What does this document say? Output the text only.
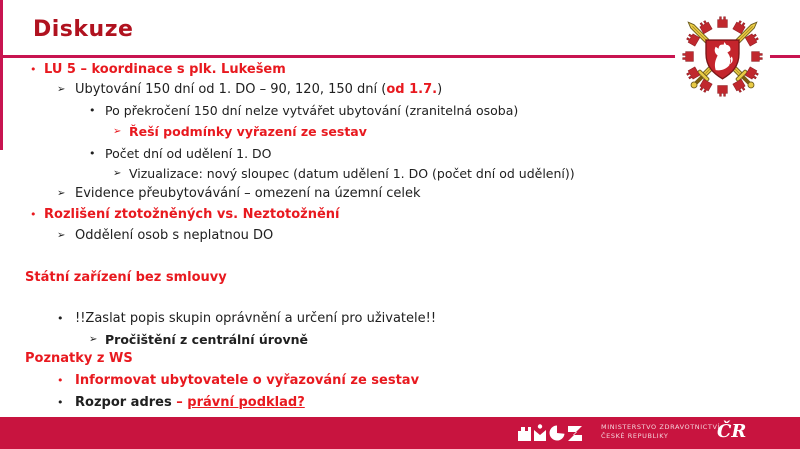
Diskuze
• LU 5 – koordinace s plk. Lukešem
➢ Ubytování 150 dní od 1. DO – 90, 120, 150 dní (od 1.7.)
• Po překročení 150 dní nelze vytvářet ubytování (zranitelná osoba)
➢ Řeší podmínky vyřazení ze sestav
• Počet dní od udělení 1. DO
➢ Vizualizace: nový sloupec (datum udělení 1. DO (počet dní od udělení))
➢ Evidence přeubytovávání – omezení na územní celek
• Rozlišení ztotožněných vs. Neztotožnění
➢ Oddělení osob s neplatnou DO
Státní zařízení bez smlouvy
• !!Zaslat popis skupin oprávnění a určení pro uživatele!!
➢ Pročištění z centrální úrovně
Poznatky z WS
• Informovat ubytovatele o vyřazování ze sestav
• Rozpor adres – právní podklad?
MINISTERSTVO ZDRAVOTNICTVÍ
ČESKÉ REPUBLIKY	ČR
